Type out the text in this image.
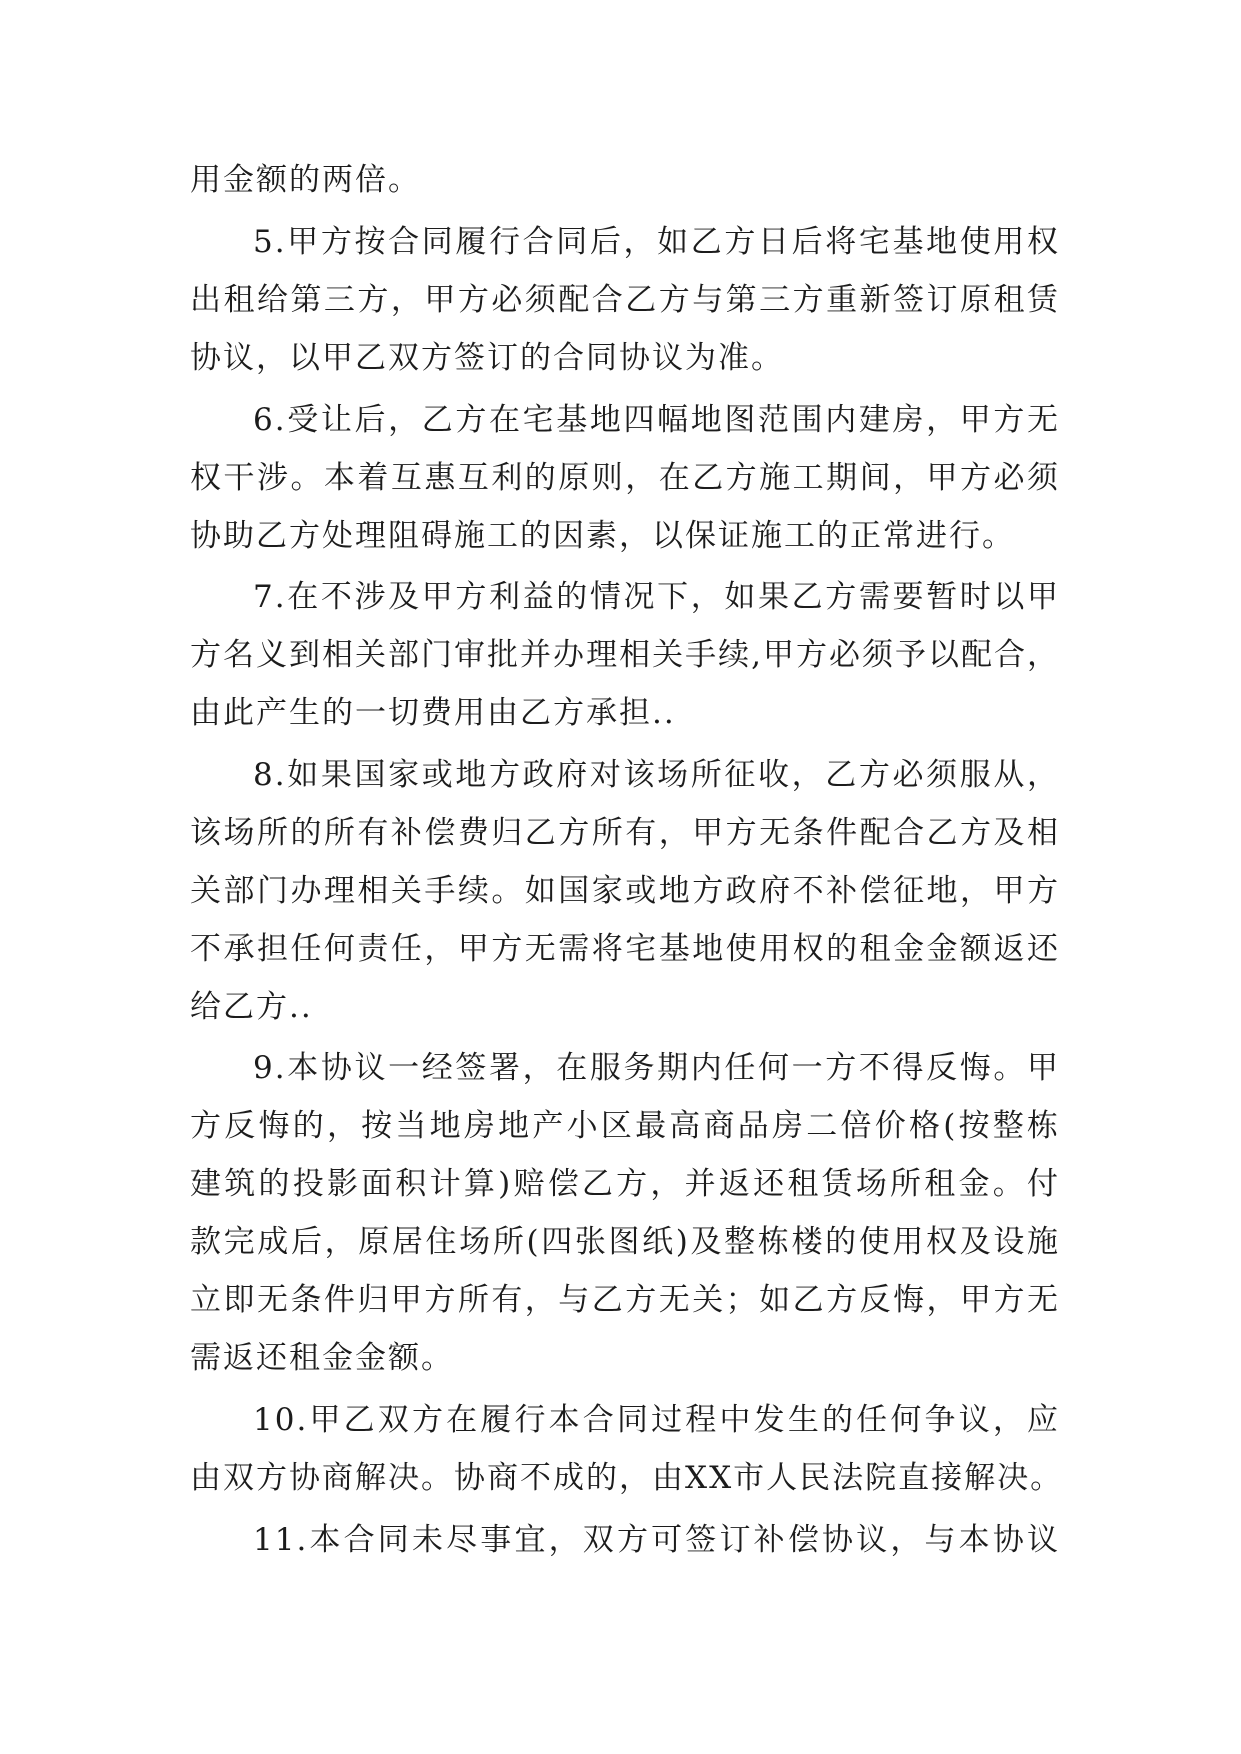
用金额的两倍。
5.甲方按合同履行合同后，如乙方日后将宅基地使用权
出租给第三方，甲方必须配合乙方与第三方重新签订原租赁
协议，以甲乙双方签订的合同协议为准。
6.受让后，乙方在宅基地四幅地图范围内建房，甲方无
权干涉。本着互惠互利的原则，在乙方施工期间，甲方必须
协助乙方处理阻碍施工的因素，以保证施工的正常进行。
7.在不涉及甲方利益的情况下，如果乙方需要暂时以甲
方名义到相关部门审批并办理相关手续,甲方必须予以配合，
由此产生的一切费用由乙方承担..
8.如果国家或地方政府对该场所征收，乙方必须服从，
该场所的所有补偿费归乙方所有，甲方无条件配合乙方及相
关部门办理相关手续。如国家或地方政府不补偿征地，甲方
不承担任何责任，甲方无需将宅基地使用权的租金金额返还
给乙方..
9.本协议一经签署，在服务期内任何一方不得反悔。甲
方反悔的，按当地房地产小区最高商品房二倍价格(按整栋
建筑的投影面积计算)赔偿乙方，并返还租赁场所租金。付
款完成后，原居住场所(四张图纸)及整栋楼的使用权及设施
立即无条件归甲方所有，与乙方无关；如乙方反悔，甲方无
需返还租金金额。
10.甲乙双方在履行本合同过程中发生的任何争议，应
由双方协商解决。协商不成的，由XX市人民法院直接解决。
11.本合同未尽事宜，双方可签订补偿协议，与本协议
